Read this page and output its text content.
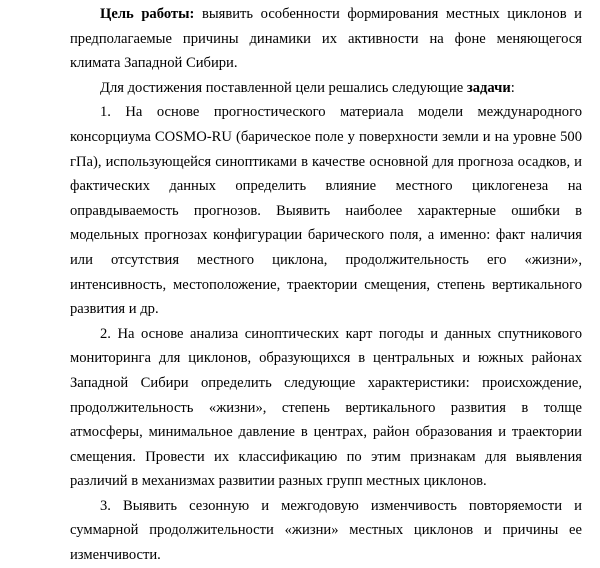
Цель работы: выявить особенности формирования местных циклонов и предполагаемые причины динамики их активности на фоне меняющегося климата Западной Сибири.

Для достижения поставленной цели решались следующие задачи:

1. На основе прогностического материала модели международного консорциума COSMO-RU (барическое поле у поверхности земли и на уровне 500 гПа), использующейся синоптиками в качестве основной для прогноза осадков, и фактических данных определить влияние местного циклогенеза на оправдываемость прогнозов. Выявить наиболее характерные ошибки в модельных прогнозах конфигурации барического поля, а именно: факт наличия или отсутствия местного циклона, продолжительность его «жизни», интенсивность, местоположение, траектории смещения, степень вертикального развития и др.

2. На основе анализа синоптических карт погоды и данных спутникового мониторинга для циклонов, образующихся в центральных и южных районах Западной Сибири определить следующие характеристики: происхождение, продолжительность «жизни», степень вертикального развития в толще атмосферы, минимальное давление в центрах, район образования и траектории смещения. Провести их классификацию по этим признакам для выявления различий в механизмах развитии разных групп местных циклонов.

3. Выявить сезонную и межгодовую изменчивость повторяемости и суммарной продолжительности «жизни» местных циклонов и причины ее изменчивости.
